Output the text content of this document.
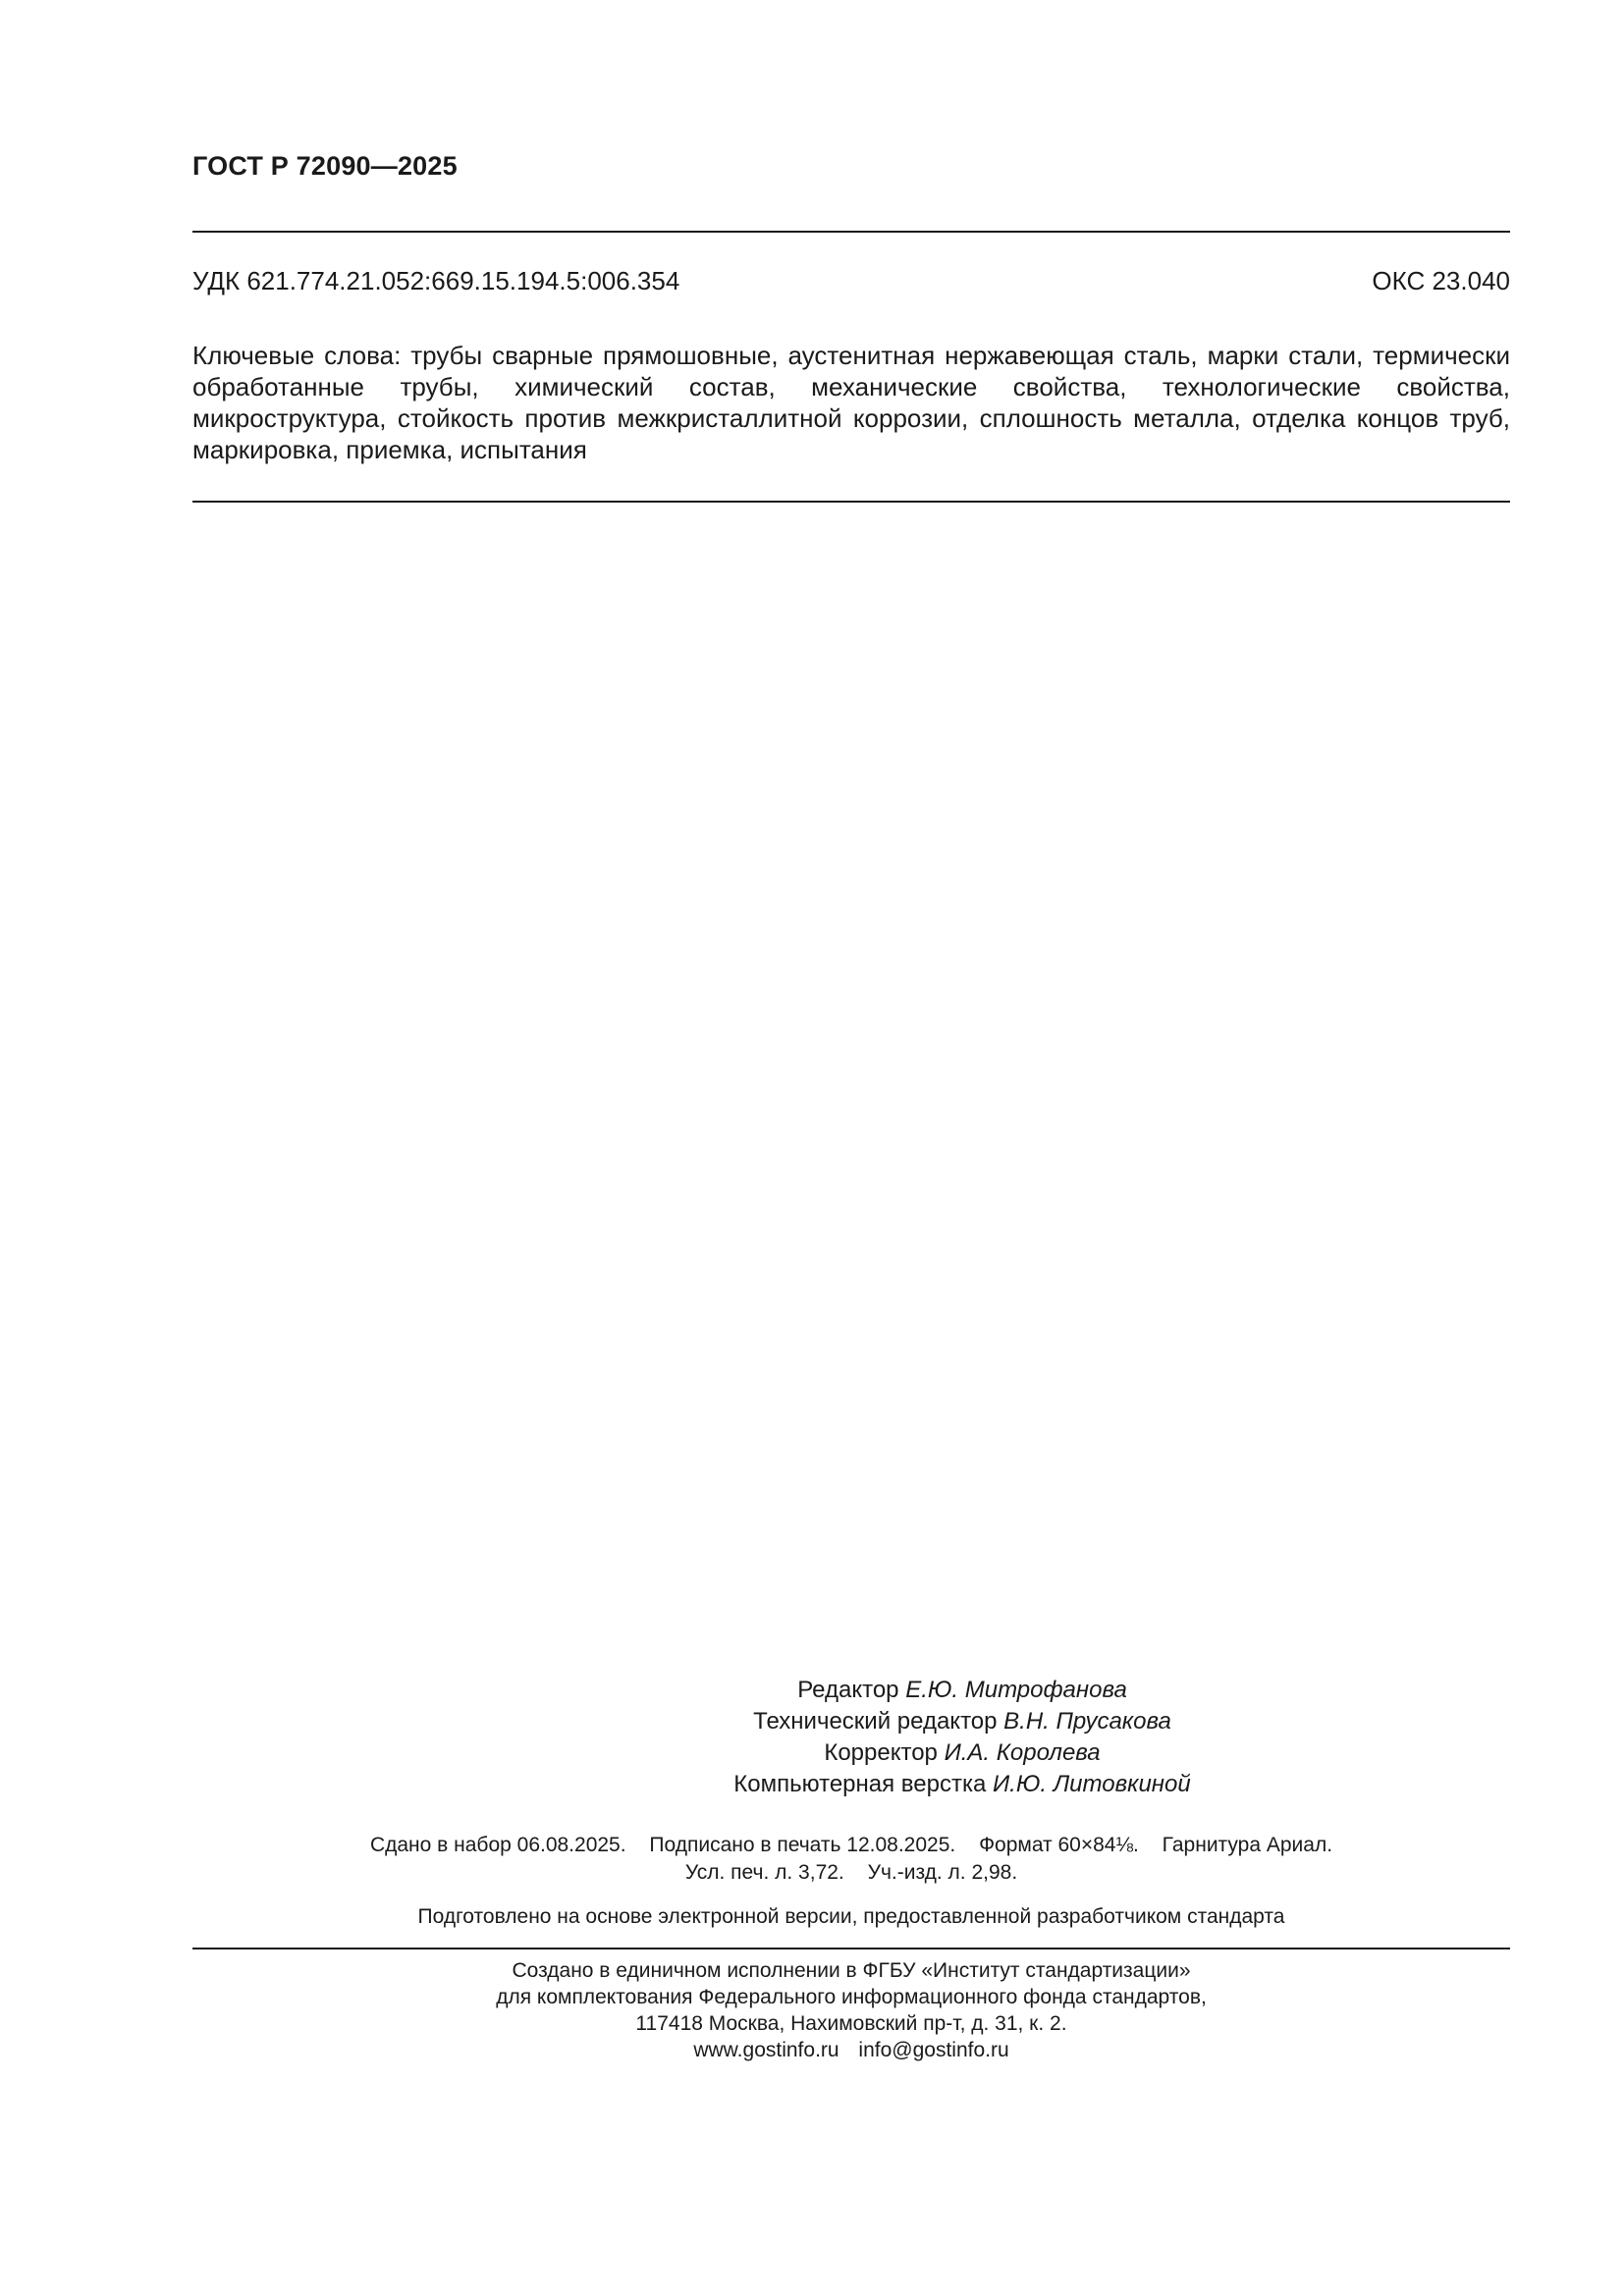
ГОСТ Р 72090—2025
УДК 621.774.21.052:669.15.194.5:006.354	ОКС 23.040

Ключевые слова: трубы сварные прямошовные, аустенитная нержавеющая сталь, марки стали, термически обработанные трубы, химический состав, механические свойства, технологические свойства, микроструктура, стойкость против межкристаллитной коррозии, сплошность металла, отделка концов труб, маркировка, приемка, испытания

Редактор Е.Ю. Митрофанова
Технический редактор В.Н. Прусакова
Корректор И.А. Королева
Компьютерная верстка И.Ю. Литовкиной
Сдано в набор 06.08.2025. Подписано в печать 12.08.2025. Формат 60×84⅛. Гарнитура Ариал.
Усл. печ. л. 3,72. Уч.-изд. л. 2,98.
Подготовлено на основе электронной версии, предоставленной разработчиком стандарта
Создано в единичном исполнении в ФГБУ «Институт стандартизации»
для комплектования Федерального информационного фонда стандартов,
117418 Москва, Нахимовский пр-т, д. 31, к. 2.
www.gostinfo.ru info@gostinfo.ru
